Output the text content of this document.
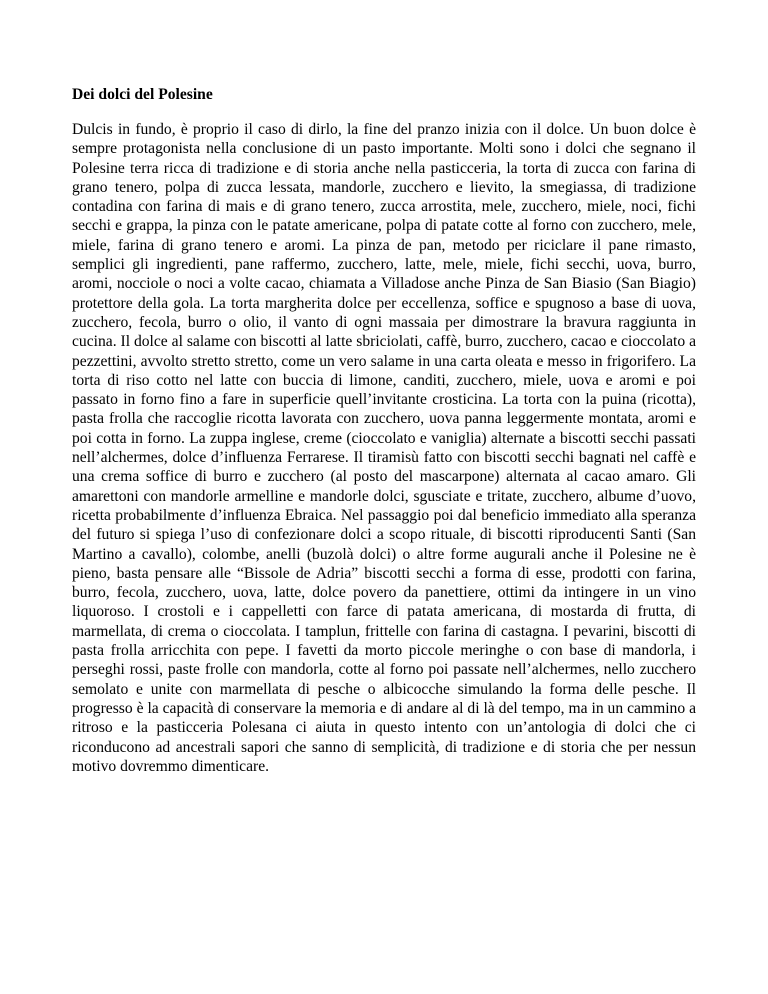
Dei dolci del Polesine

Dulcis in fundo, è proprio il caso di dirlo, la fine del pranzo inizia con il dolce. Un buon dolce è sempre protagonista nella conclusione di un pasto importante. Molti sono i dolci che segnano il Polesine terra ricca di tradizione e di storia anche nella pasticceria, la torta di zucca con farina di grano tenero, polpa di zucca lessata, mandorle, zucchero e lievito, la smegiassa, di tradizione contadina con farina di mais e di grano tenero, zucca arrostita, mele, zucchero, miele, noci, fichi secchi e grappa, la pinza con le patate americane, polpa di patate cotte al forno con zucchero, mele, miele, farina di grano tenero e aromi. La pinza de pan, metodo per riciclare il pane rimasto, semplici gli ingredienti, pane raffermo, zucchero, latte, mele, miele, fichi secchi, uova, burro, aromi, nocciole o noci a volte cacao, chiamata a Villadose anche Pinza de San Biasio (San Biagio) protettore della gola. La torta margherita dolce per eccellenza, soffice e spugnoso a base di uova, zucchero, fecola, burro o olio, il vanto di ogni massaia per dimostrare la bravura raggiunta in cucina. Il dolce al salame con biscotti al latte sbriciolati, caffè, burro, zucchero, cacao e cioccolato a pezzettini, avvolto stretto stretto, come un vero salame in una carta oleata e messo in frigorifero. La torta di riso cotto nel latte con buccia di limone, canditi, zucchero, miele, uova e aromi e poi passato in forno fino a fare in superficie quell’invitante crosticina. La torta con la puina (ricotta), pasta frolla che raccoglie ricotta lavorata con zucchero, uova panna leggermente montata, aromi e poi cotta in forno. La zuppa inglese, creme (cioccolato e vaniglia) alternate a biscotti secchi passati nell’alchermes, dolce d’influenza Ferrarese. Il tiramisù fatto con biscotti secchi bagnati nel caffè e una crema soffice di burro e zucchero (al posto del mascarpone) alternata al cacao amaro. Gli amarettoni con mandorle armelline e mandorle dolci, sgusciate e tritate, zucchero, albume d’uovo, ricetta probabilmente d’influenza Ebraica. Nel passaggio poi dal beneficio immediato alla speranza del futuro si spiega l’uso di confezionare dolci a scopo rituale, di biscotti riproducenti Santi (San Martino a cavallo), colombe, anelli (buzolà dolci) o altre forme augurali anche il Polesine ne è pieno, basta pensare alle “Bissole de Adria” biscotti secchi a forma di esse, prodotti con farina, burro, fecola, zucchero, uova, latte, dolce povero da panettiere, ottimi da intingere in un vino liquoroso. I crostoli e i cappelletti con farce di patata americana, di mostarda di frutta, di marmellata, di crema o cioccolata. I tamplun, frittelle con farina di castagna. I pevarini, biscotti di pasta frolla arricchita con pepe. I favetti da morto piccole meringhe o con base di mandorla, i perseghi rossi, paste frolle con mandorla, cotte al forno poi passate nell’alchermes, nello zucchero semolato e unite con marmellata di pesche o albicocche simulando la forma delle pesche. Il progresso è la capacità di conservare la memoria e di andare al di là del tempo, ma in un cammino a ritroso e la pasticceria Polesana ci aiuta in questo intento con un’antologia di dolci che ci riconducono ad ancestrali sapori che sanno di semplicità, di tradizione e di storia che per nessun motivo dovremmo dimenticare.
